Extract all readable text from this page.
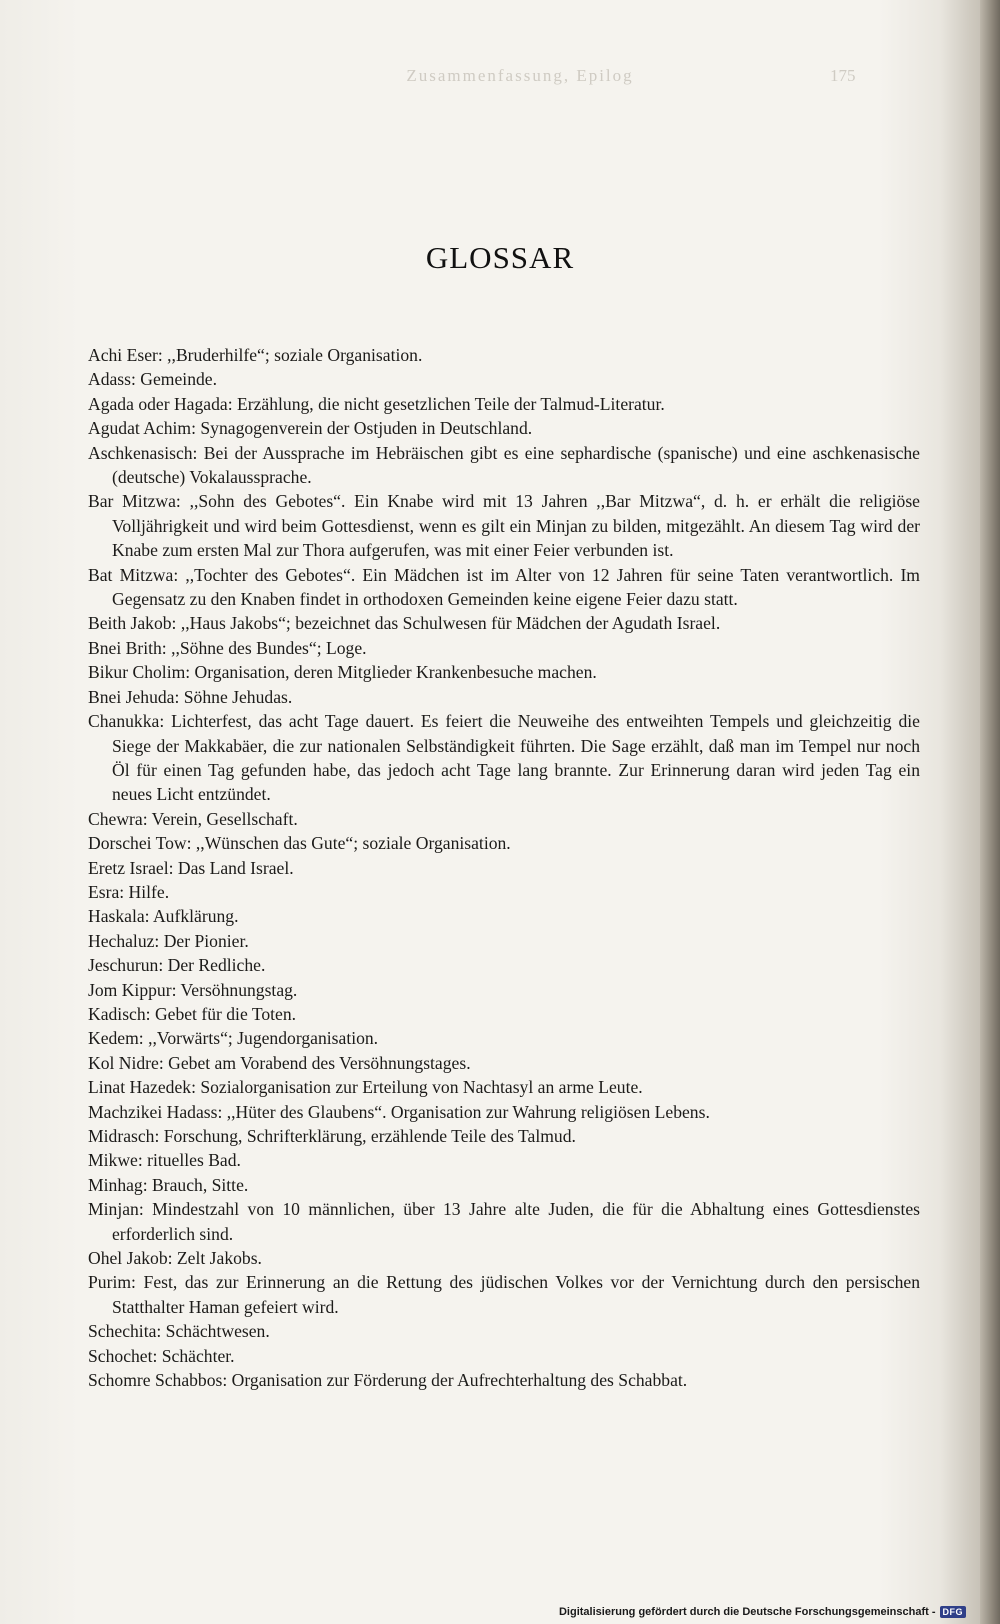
Zusammenfassung, Epilog	175
GLOSSAR
Achi Eser: ,,Bruderhilfe“; soziale Organisation.
Adass: Gemeinde.
Agada oder Hagada: Erzählung, die nicht gesetzlichen Teile der Talmud-Literatur.
Agudat Achim: Synagogenverein der Ostjuden in Deutschland.
Aschkenasisch: Bei der Aussprache im Hebräischen gibt es eine sephardische (spanische) und eine aschkenasische (deutsche) Vokalaussprache.
Bar Mitzwa: ,,Sohn des Gebotes“. Ein Knabe wird mit 13 Jahren ,,Bar Mitzwa“, d. h. er erhält die religiöse Volljährigkeit und wird beim Gottesdienst, wenn es gilt ein Minjan zu bilden, mitgezählt. An diesem Tag wird der Knabe zum ersten Mal zur Thora aufgerufen, was mit einer Feier verbunden ist.
Bat Mitzwa: ,,Tochter des Gebotes“. Ein Mädchen ist im Alter von 12 Jahren für seine Taten verantwortlich. Im Gegensatz zu den Knaben findet in orthodoxen Gemeinden keine eigene Feier dazu statt.
Beith Jakob: ,,Haus Jakobs“; bezeichnet das Schulwesen für Mädchen der Agudath Israel.
Bnei Brith: ,,Söhne des Bundes“; Loge.
Bikur Cholim: Organisation, deren Mitglieder Krankenbesuche machen.
Bnei Jehuda: Söhne Jehudas.
Chanukka: Lichterfest, das acht Tage dauert. Es feiert die Neuweihe des entweihten Tempels und gleichzeitig die Siege der Makkabäer, die zur nationalen Selbständigkeit führten. Die Sage erzählt, daß man im Tempel nur noch Öl für einen Tag gefunden habe, das jedoch acht Tage lang brannte. Zur Erinnerung daran wird jeden Tag ein neues Licht entzündet.
Chewra: Verein, Gesellschaft.
Dorschei Tow: ,,Wünschen das Gute“; soziale Organisation.
Eretz Israel: Das Land Israel.
Esra: Hilfe.
Haskala: Aufklärung.
Hechaluz: Der Pionier.
Jeschurun: Der Redliche.
Jom Kippur: Versöhnungstag.
Kadisch: Gebet für die Toten.
Kedem: ,,Vorwärts“; Jugendorganisation.
Kol Nidre: Gebet am Vorabend des Versöhnungstages.
Linat Hazedek: Sozialorganisation zur Erteilung von Nachtasyl an arme Leute.
Machzikei Hadass: ,,Hüter des Glaubens“. Organisation zur Wahrung religiösen Lebens.
Midrasch: Forschung, Schrifterklärung, erzählende Teile des Talmud.
Mikwe: rituelles Bad.
Minhag: Brauch, Sitte.
Minjan: Mindestzahl von 10 männlichen, über 13 Jahre alte Juden, die für die Abhaltung eines Gottesdienstes erforderlich sind.
Ohel Jakob: Zelt Jakobs.
Purim: Fest, das zur Erinnerung an die Rettung des jüdischen Volkes vor der Vernichtung durch den persischen Statthalter Haman gefeiert wird.
Schechita: Schächtwesen.
Schochet: Schächter.
Schomre Schabbos: Organisation zur Förderung der Aufrechterhaltung des Schabbat.
Digitalisierung gefördert durch die Deutsche Forschungsgemeinschaft - DFG
